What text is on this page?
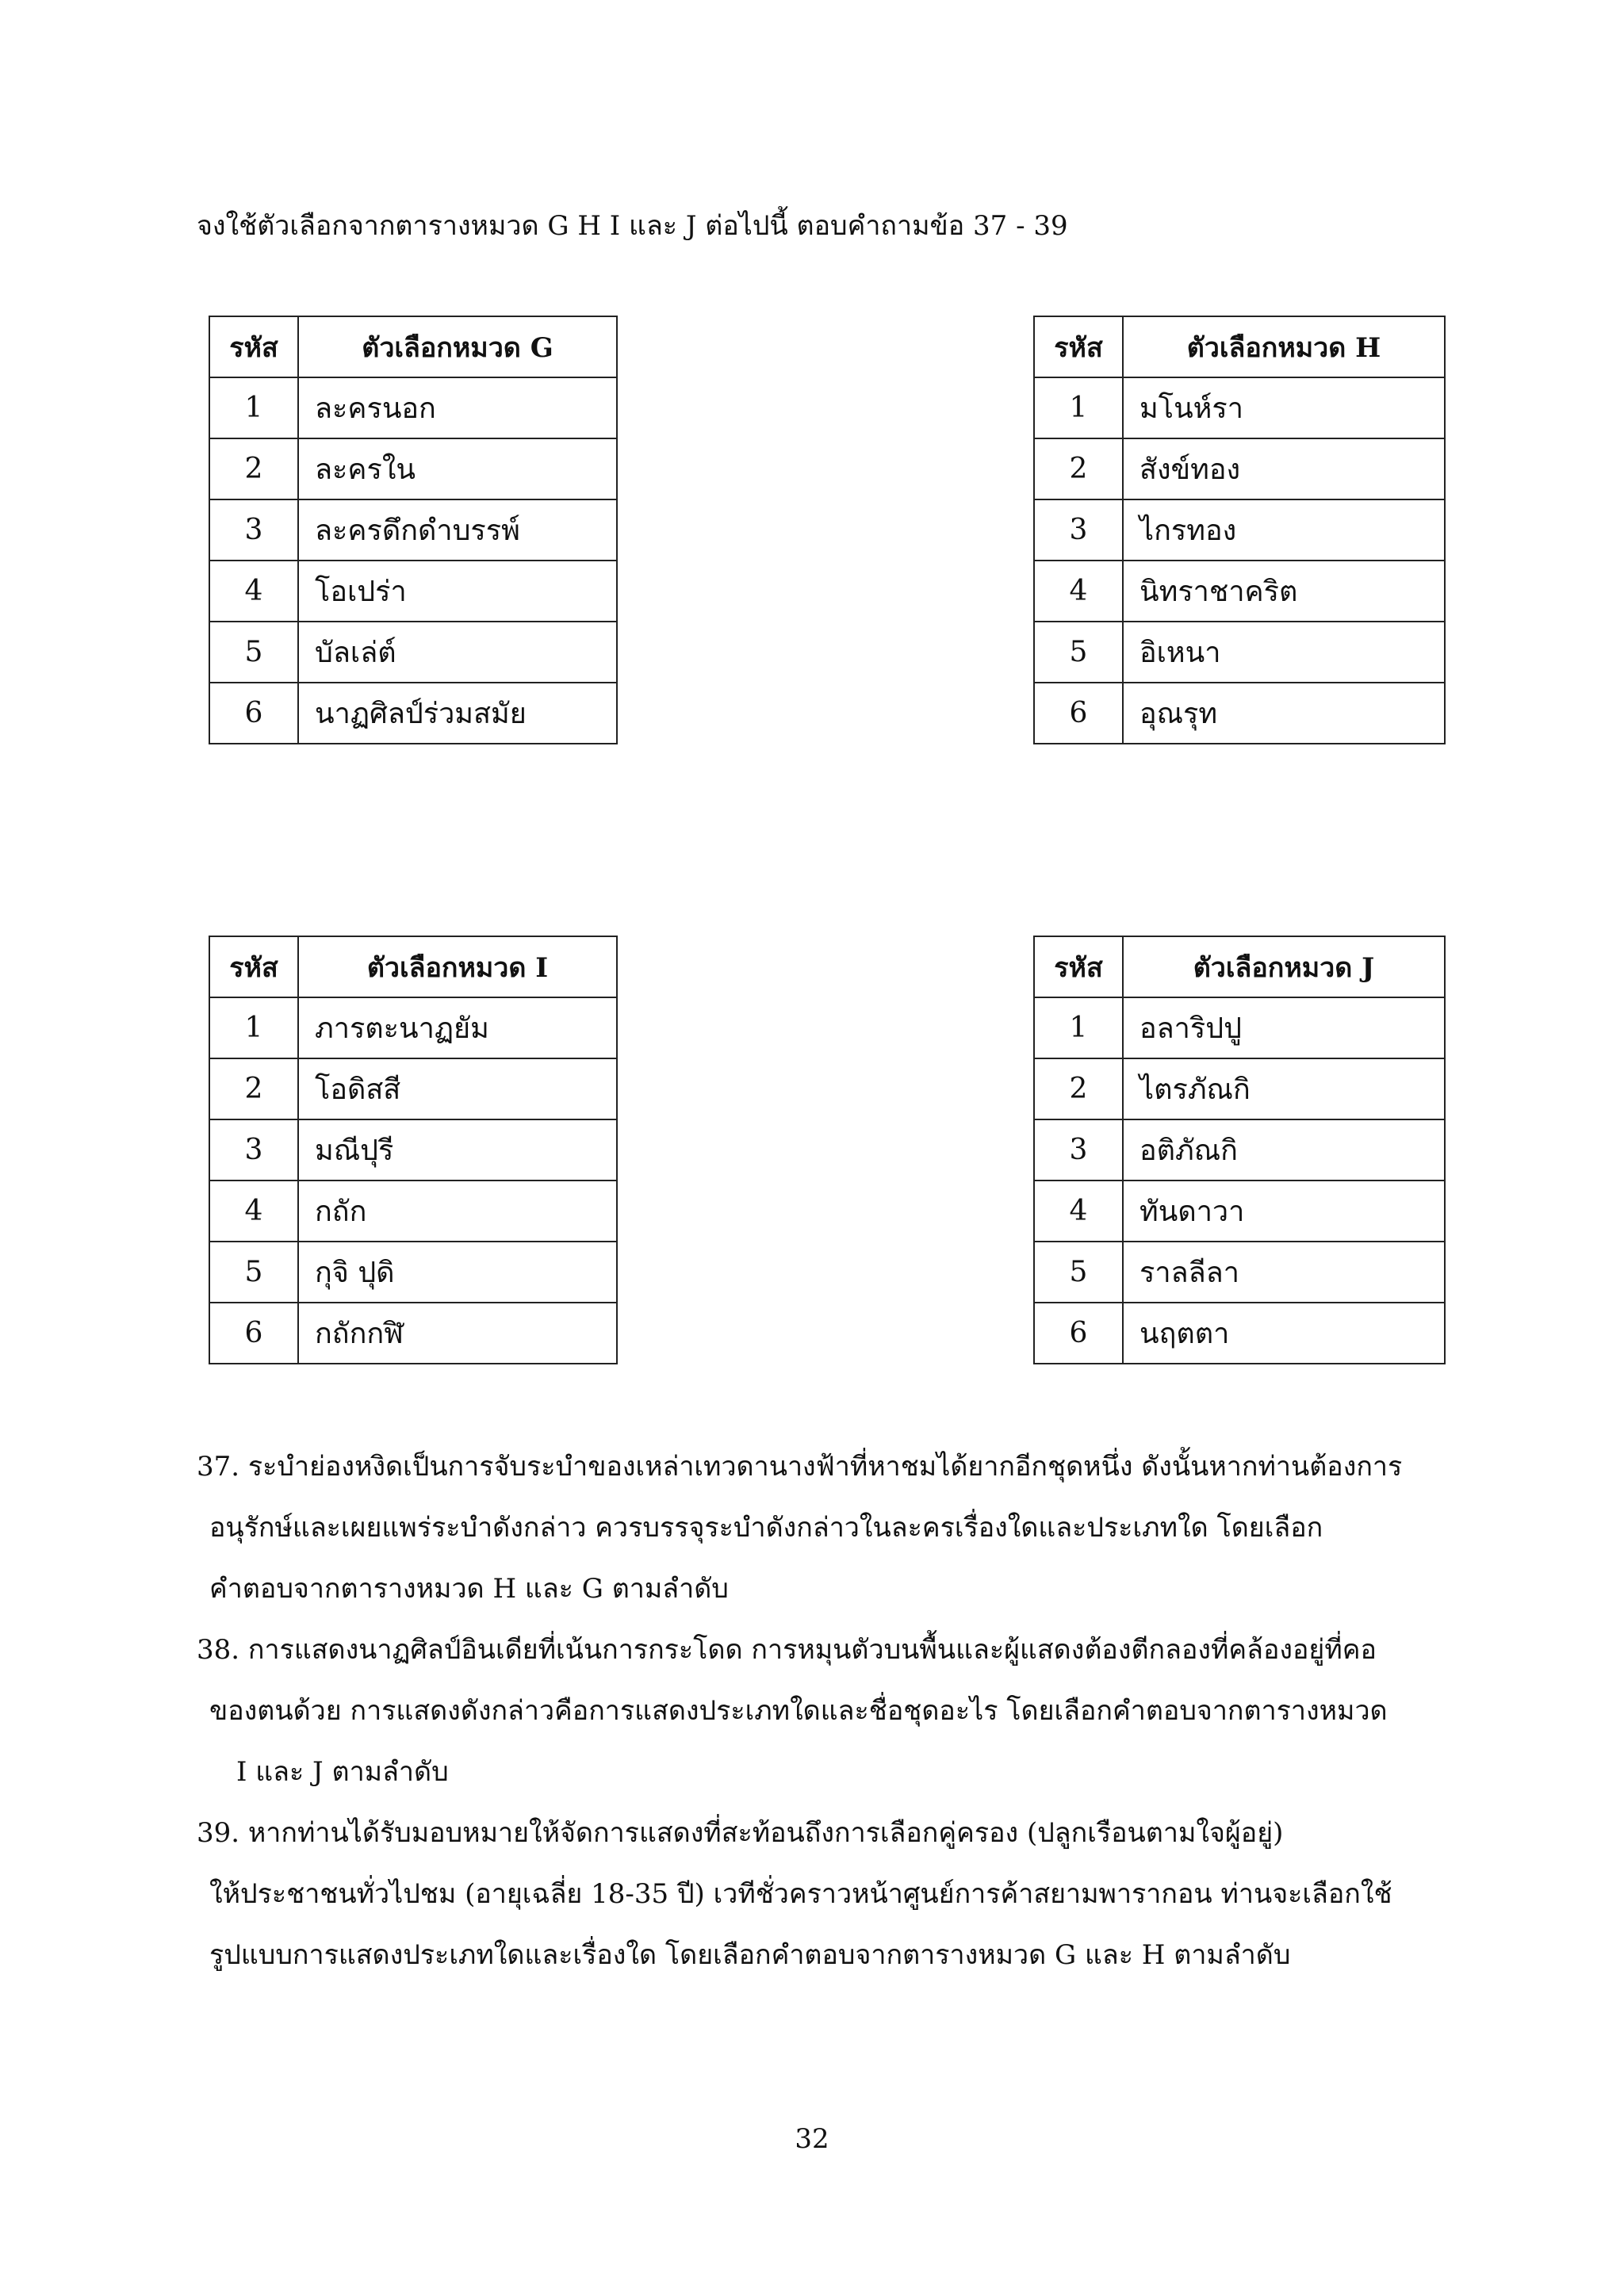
จงใช้ตัวเลือกจากตารางหมวด G H I และ J ต่อไปนี้ ตอบคำถามข้อ 37 - 39
รหัส	ตัวเลือกหมวด G
1	ละครนอก
2	ละครใน
3	ละครดึกดำบรรพ์
4	โอเปร่า
5	บัลเล่ต์
6	นาฏศิลป์ร่วมสมัย
รหัส	ตัวเลือกหมวด H
1	มโนห์รา
2	สังข์ทอง
3	ไกรทอง
4	นิทราชาคริต
5	อิเหนา
6	อุณรุท
รหัส	ตัวเลือกหมวด I
1	ภารตะนาฏยัม
2	โอดิสสี
3	มณีปุรี
4	กถัก
5	กุจิ ปุดิ
6	กถักกฬิ
รหัส	ตัวเลือกหมวด J
1	อลาริปปู
2	ไตรภัณกิ
3	อติภัณกิ
4	ทันดาวา
5	ราลลีลา
6	นฤตตา
37. ระบำย่องหงิดเป็นการจับระบำของเหล่าเทวดานางฟ้าที่หาชมได้ยากอีกชุดหนึ่ง ดังนั้นหากท่านต้องการ
อนุรักษ์และเผยแพร่ระบำดังกล่าว ควรบรรจุระบำดังกล่าวในละครเรื่องใดและประเภทใด โดยเลือก
คำตอบจากตารางหมวด H และ G ตามลำดับ
38. การแสดงนาฏศิลป์อินเดียที่เน้นการกระโดด การหมุนตัวบนพื้นและผู้แสดงต้องตีกลองที่คล้องอยู่ที่คอ
ของตนด้วย การแสดงดังกล่าวคือการแสดงประเภทใดและชื่อชุดอะไร โดยเลือกคำตอบจากตารางหมวด
I และ J ตามลำดับ
39. หากท่านได้รับมอบหมายให้จัดการแสดงที่สะท้อนถึงการเลือกคู่ครอง (ปลูกเรือนตามใจผู้อยู่)
ให้ประชาชนทั่วไปชม (อายุเฉลี่ย 18-35 ปี) เวทีชั่วคราวหน้าศูนย์การค้าสยามพารากอน ท่านจะเลือกใช้
รูปแบบการแสดงประเภทใดและเรื่องใด โดยเลือกคำตอบจากตารางหมวด G และ H ตามลำดับ
32
